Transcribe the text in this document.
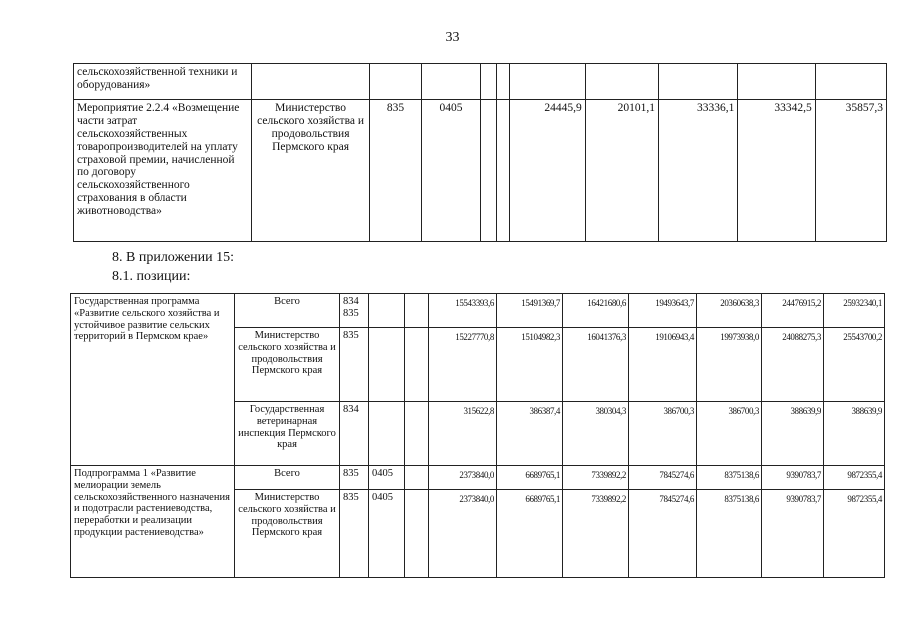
33
сельскохозяйственной техники и оборудования»										
Мероприятие 2.2.4 «Возмещение части затрат сельскохозяйственных товаропроизводителей на уплату страховой премии, начисленной по договору сельскохозяйственного страхования в области животноводства»	Министерство сельского хозяйства и продовольствия Пермского края	835	0405			24445,9	20101,1	33336,1	33342,5	35857,3
8. В приложении 15:
8.1. позиции:
Государственная программа «Развитие сельского хозяйства и устойчивое развитие сельских территорий в Пермском крае»	Всего	834 835			15543393,6	15491369,7	16421680,6	19493643,7	20360638,3	24476915,2	25932340,1
	Министерство сельского хозяйства и продовольствия Пермского края	835			15227770,8	15104982,3	16041376,3	19106943,4	19973938,0	24088275,3	25543700,2
	Государственная ветеринарная инспекция Пермского края	834			315622,8	386387,4	380304,3	386700,3	386700,3	388639,9	388639,9
Подпрограмма 1 «Развитие мелиорации земель сельскохозяйственного назначения и подотрасли растениеводства, переработки и реализации продукции растениеводства»	Всего	835	0405		2373840,0	6689765,1	7339892,2	7845274,6	8375138,6	9390783,7	9872355,4
	Министерство сельского хозяйства и продовольствия Пермского края	835	0405		2373840,0	6689765,1	7339892,2	7845274,6	8375138,6	9390783,7	9872355,4
